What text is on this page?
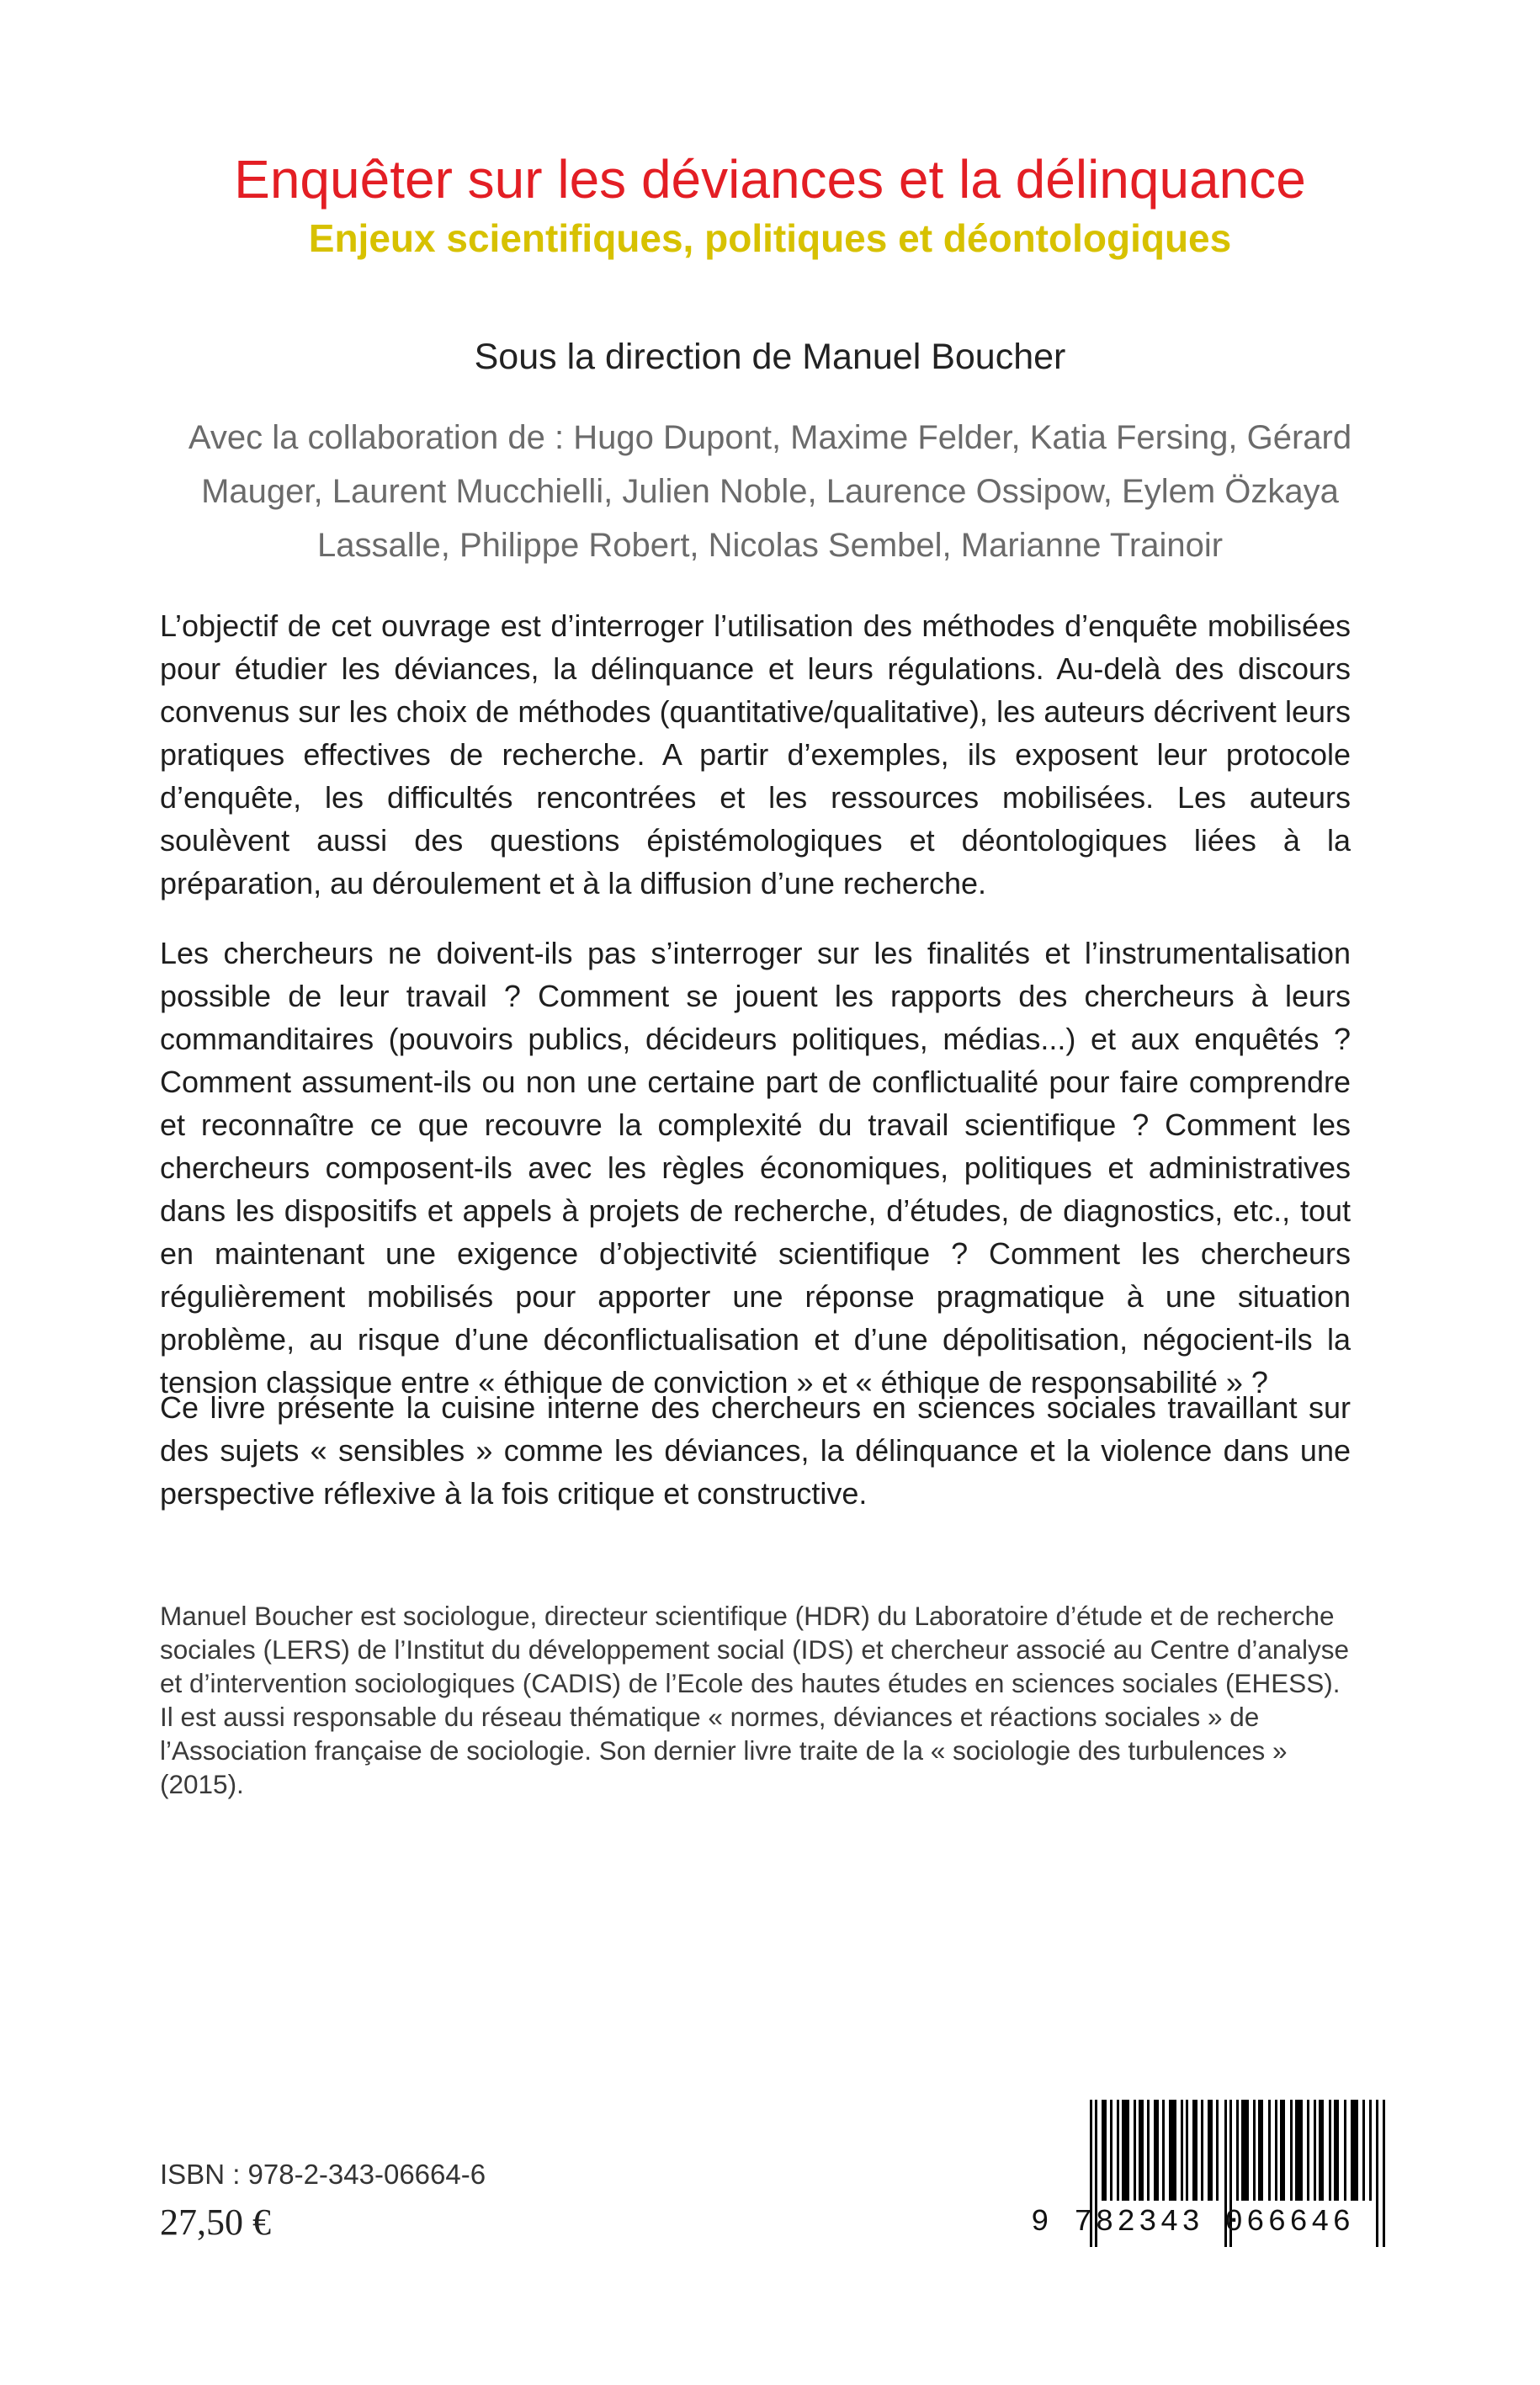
Enquêter sur les déviances et la délinquance
Enjeux scientifiques, politiques et déontologiques

Sous la direction de Manuel Boucher

Avec la collaboration de : Hugo Dupont, Maxime Felder, Katia Fersing, Gérard Mauger, Laurent Mucchielli, Julien Noble, Laurence Ossipow, Eylem Özkaya Lassalle, Philippe Robert, Nicolas Sembel, Marianne Trainoir

L’objectif de cet ouvrage est d’interroger l’utilisation des méthodes d’enquête mobilisées pour étudier les déviances, la délinquance et leurs régulations. Au-delà des discours convenus sur les choix de méthodes (quantitative/qualitative), les auteurs décrivent leurs pratiques effectives de recherche. A partir d’exemples, ils exposent leur protocole d’enquête, les difficultés rencontrées et les ressources mobilisées. Les auteurs soulèvent aussi des questions épistémologiques et déontologiques liées à la préparation, au déroulement et à la diffusion d’une recherche.

Les chercheurs ne doivent-ils pas s’interroger sur les finalités et l’instrumentalisation possible de leur travail ? Comment se jouent les rapports des chercheurs à leurs commanditaires (pouvoirs publics, décideurs politiques, médias...) et aux enquêtés ? Comment assument-ils ou non une certaine part de conflictualité pour faire comprendre et reconnaître ce que recouvre la complexité du travail scientifique ? Comment les chercheurs composent-ils avec les règles économiques, politiques et administratives dans les dispositifs et appels à projets de recherche, d’études, de diagnostics, etc., tout en maintenant une exigence d’objectivité scientifique ? Comment les chercheurs régulièrement mobilisés pour apporter une réponse pragmatique à une situation problème, au risque d’une déconflictualisation et d’une dépolitisation, négocient-ils la tension classique entre « éthique de conviction » et « éthique de responsabilité » ?

Ce livre présente la cuisine interne des chercheurs en sciences sociales travaillant sur des sujets « sensibles » comme les déviances, la délinquance et la violence dans une perspective réflexive à la fois critique et constructive.

Manuel Boucher est sociologue, directeur scientifique (HDR) du Laboratoire d’étude et de recherche sociales (LERS) de l’Institut du développement social (IDS) et chercheur associé au Centre d’analyse et d’intervention sociologiques (CADIS) de l’Ecole des hautes études en sciences sociales (EHESS). Il est aussi responsable du réseau thématique « normes, déviances et réactions sociales » de l’Association française de sociologie. Son dernier livre traite de la « sociologie des turbulences » (2015).

ISBN : 978-2-343-06664-6

27,50 €	9 782343 066646
